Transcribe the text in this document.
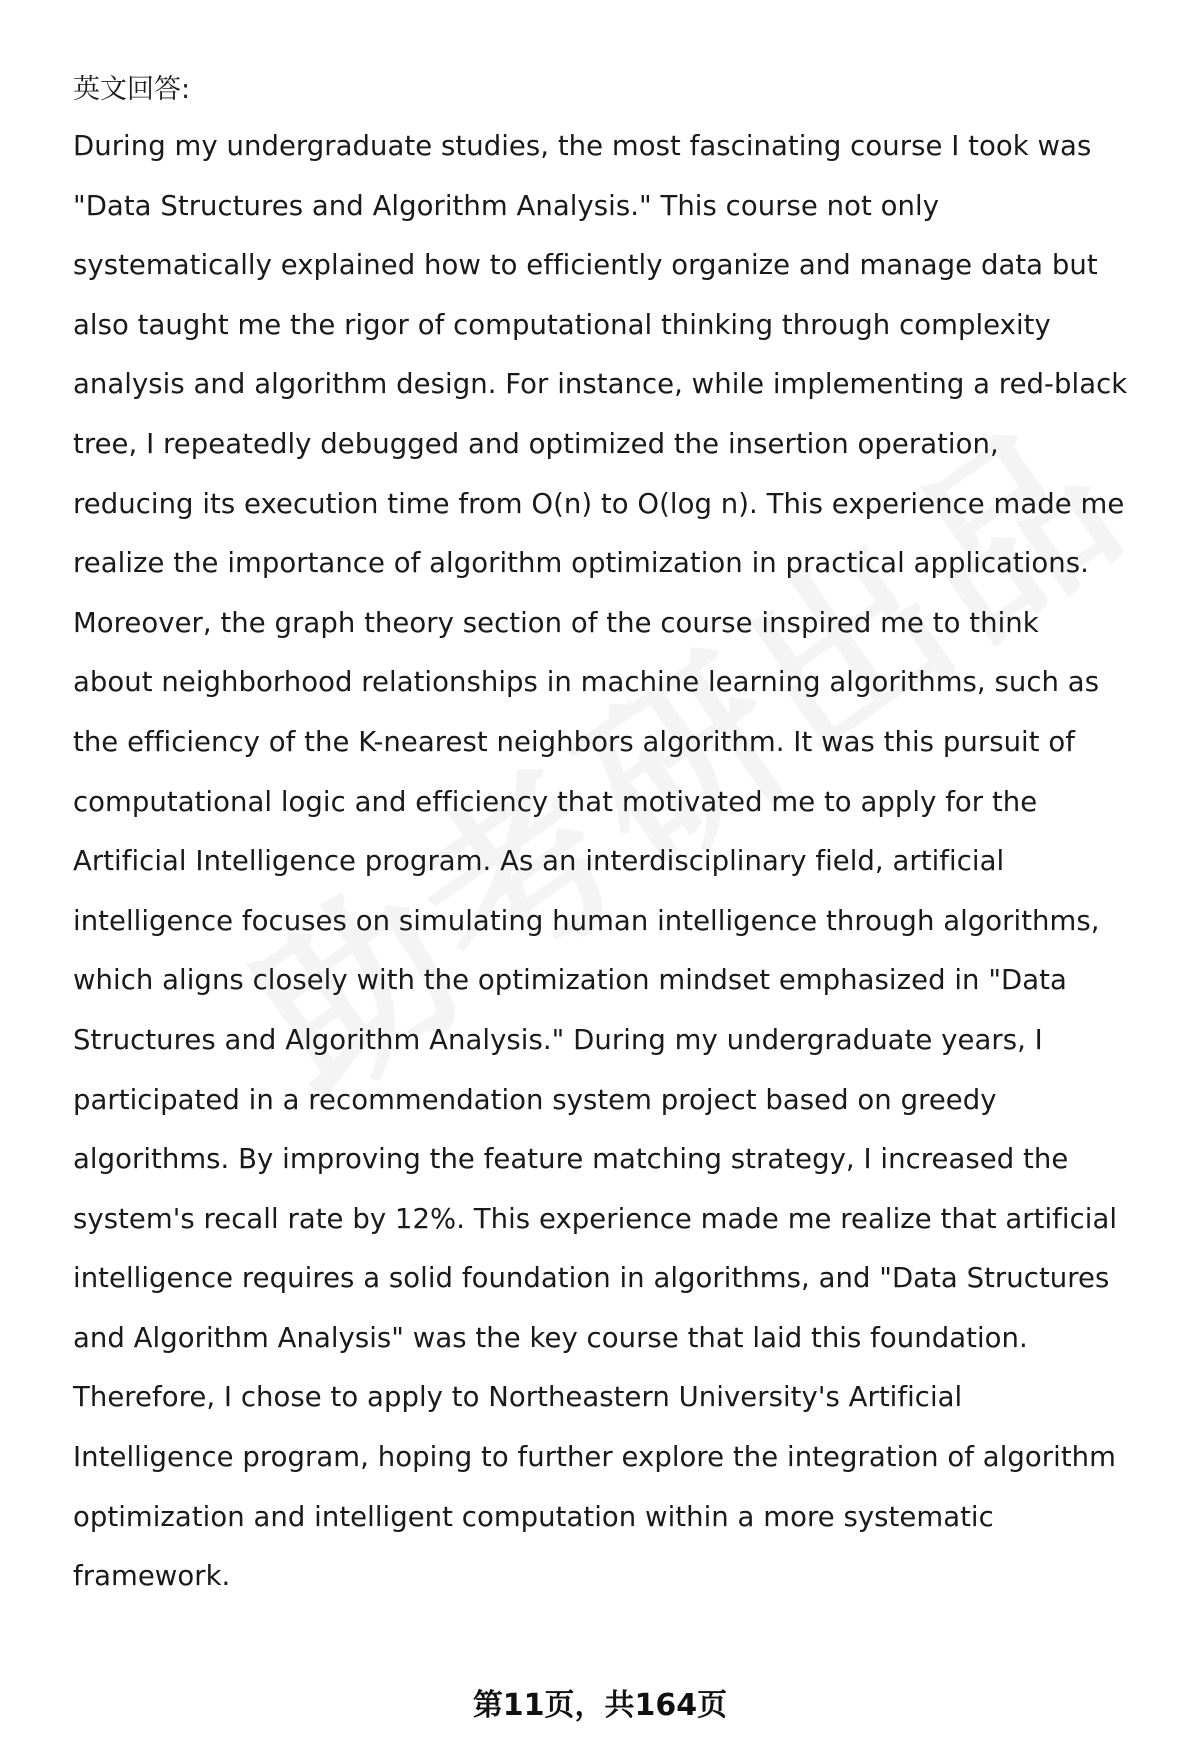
英文回答:

During my undergraduate studies, the most fascinating course I took was

"Data Structures and Algorithm Analysis." This course not only

systematically explained how to efficiently organize and manage data but

also taught me the rigor of computational thinking through complexity

analysis and algorithm design. For instance, while implementing a red-black

tree, I repeatedly debugged and optimized the insertion operation,

reducing its execution time from O(n) to O(log n). This experience made me

realize the importance of algorithm optimization in practical applications.

Moreover, the graph theory section of the course inspired me to think

about neighborhood relationships in machine learning algorithms, such as

the efficiency of the K-nearest neighbors algorithm. It was this pursuit of

computational logic and efficiency that motivated me to apply for the

Artificial Intelligence program. As an interdisciplinary field, artificial

intelligence focuses on simulating human intelligence through algorithms,

which aligns closely with the optimization mindset emphasized in "Data

Structures and Algorithm Analysis." During my undergraduate years, I

participated in a recommendation system project based on greedy

algorithms. By improving the feature matching strategy, I increased the

system's recall rate by 12%. This experience made me realize that artificial

intelligence requires a solid foundation in algorithms, and "Data Structures

and Algorithm Analysis" was the key course that laid this foundation.

Therefore, I chose to apply to Northeastern University's Artificial

Intelligence program, hoping to further explore the integration of algorithm

optimization and intelligent computation within a more systematic

framework.

第11页，共164页
